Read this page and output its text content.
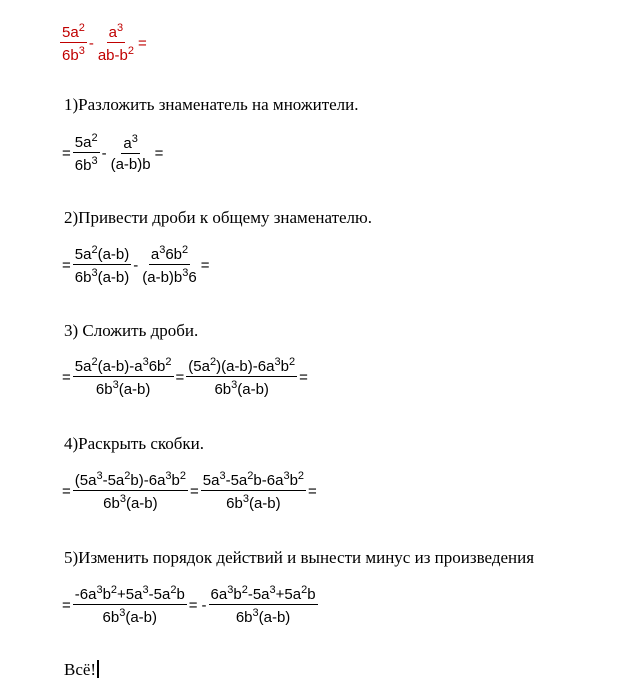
$\frac{5a^2}{6b^3} - \frac{a^3}{ab-b^2}$ =
1)Разложить знаменатель на множители.
= $\frac{5a^2}{6b^3} - \frac{a^3}{(a-b)b}$ =
2)Привести дроби к общему знаменателю.
= $\frac{5a^2(a-b)}{6b^3(a-b)} - \frac{a^36b^2}{(a-b)b^36}$ =
3) Сложить дроби.
= $\frac{5a^2(a-b)-a^36b^2}{6b^3(a-b)} = \frac{(5a^2)(a-b)-6a^3b^2}{6b^3(a-b)}$ =
4)Раскрыть скобки.
= $\frac{(5a^3-5a^2b)-6a^3b^2}{6b^3(a-b)} = \frac{5a^3-5a^2b-6a^3b^2}{6b^3(a-b)}$ =
5)Изменить порядок действий и вынести минус из произведения
= $\frac{-6a^3b^2+5a^3-5a^2b}{6b^3(a-b)}$ = - $\frac{6a^3b^2-5a^3+5a^2b}{6b^3(a-b)}$
Всё!
